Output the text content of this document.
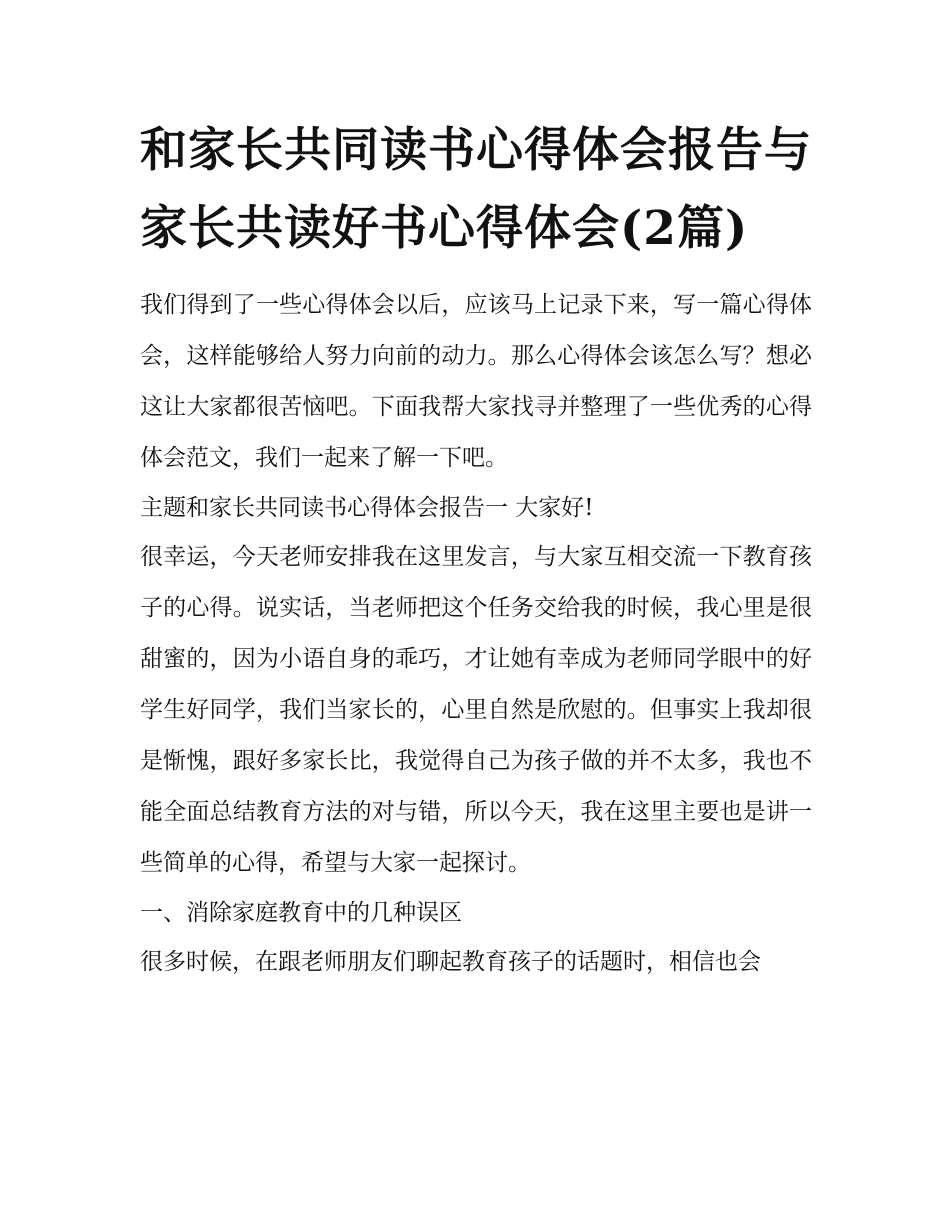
和家长共同读书心得体会报告与家长共读好书心得体会(2篇)

我们得到了一些心得体会以后，应该马上记录下来，写一篇心得体会，这样能够给人努力向前的动力。那么心得体会该怎么写？想必这让大家都很苦恼吧。下面我帮大家找寻并整理了一些优秀的心得体会范文，我们一起来了解一下吧。

主题和家长共同读书心得体会报告一 大家好!

很幸运，今天老师安排我在这里发言，与大家互相交流一下教育孩子的心得。说实话，当老师把这个任务交给我的时候，我心里是很甜蜜的，因为小语自身的乖巧，才让她有幸成为老师同学眼中的好学生好同学，我们当家长的，心里自然是欣慰的。但事实上我却很是惭愧，跟好多家长比，我觉得自己为孩子做的并不太多，我也不能全面总结教育方法的对与错，所以今天，我在这里主要也是讲一些简单的心得，希望与大家一起探讨。

一、消除家庭教育中的几种误区

很多时候，在跟老师朋友们聊起教育孩子的话题时，相信也会
